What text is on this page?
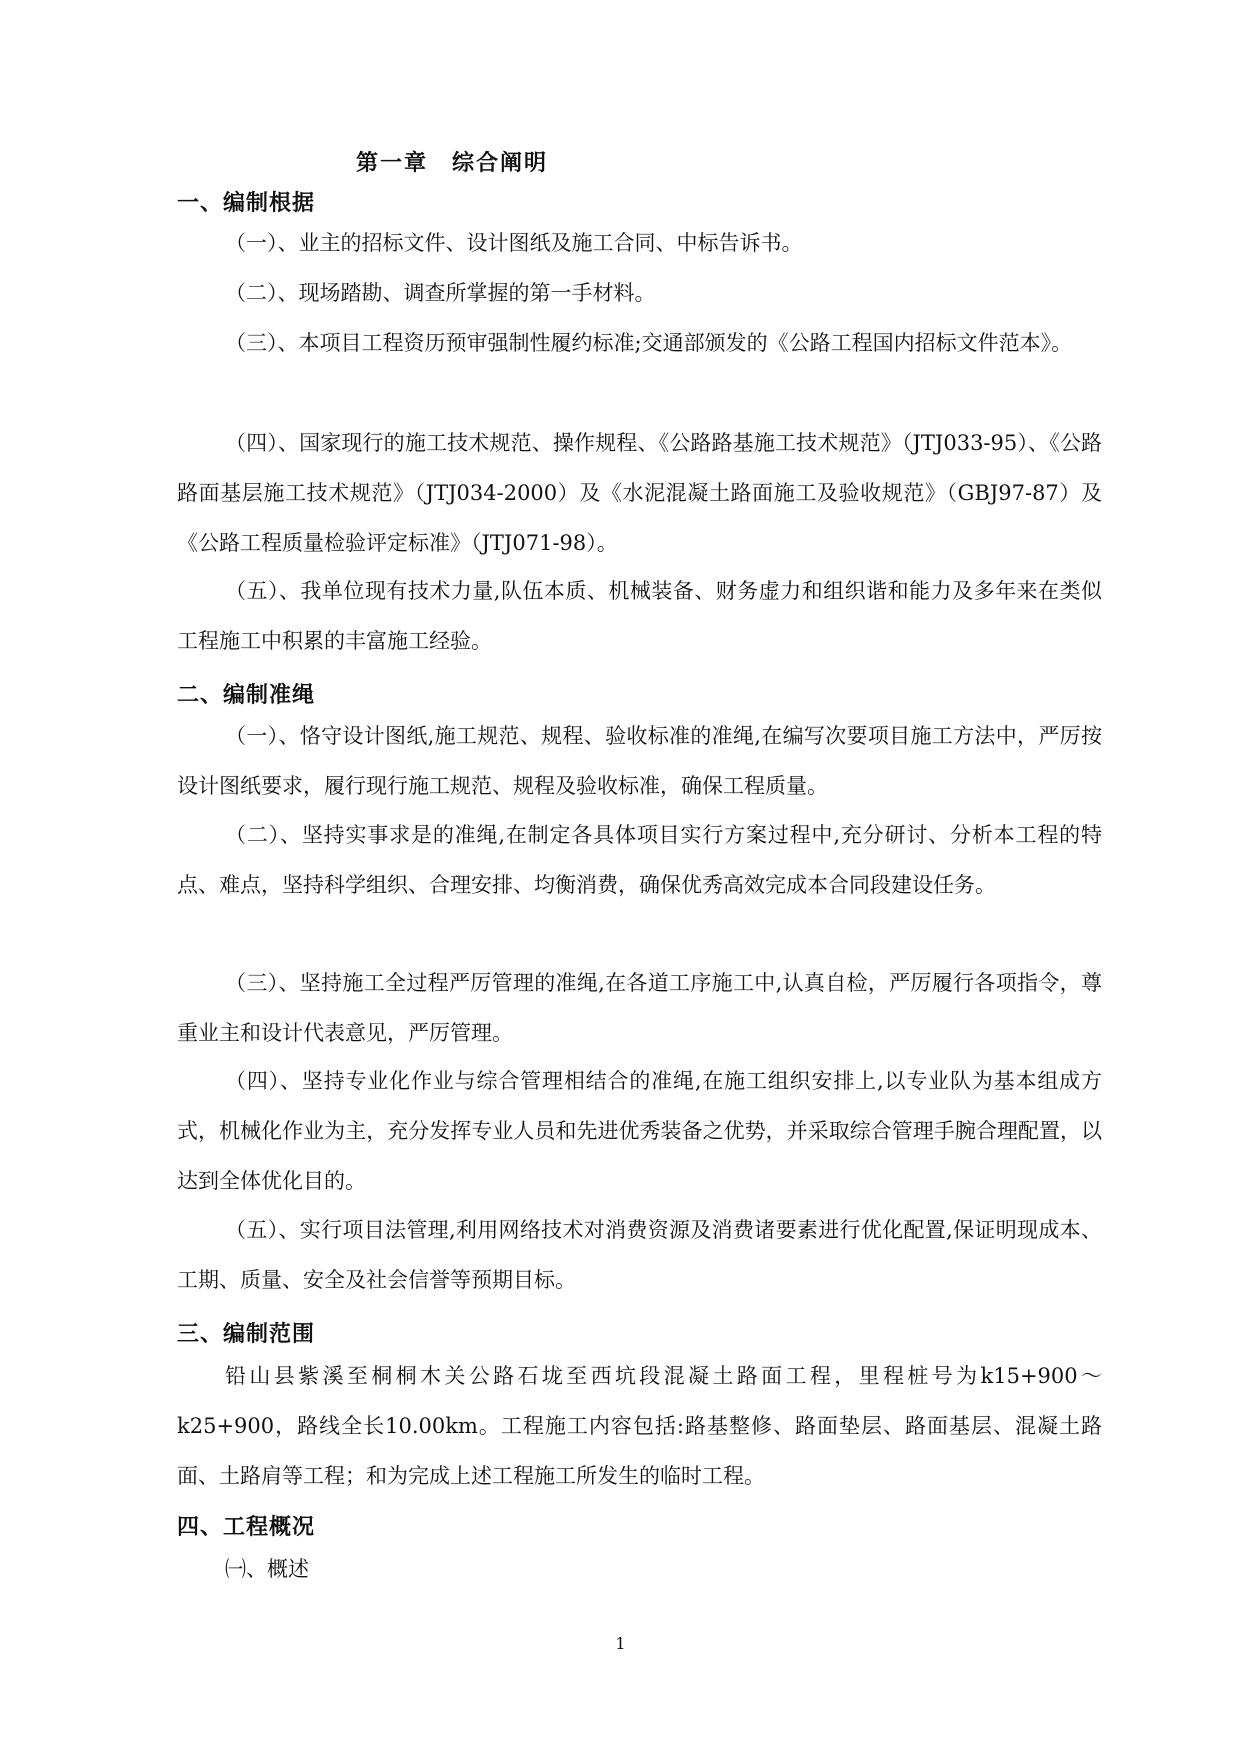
第一章　综合阐明
一、编制根据

（一）、业主的招标文件、设计图纸及施工合同、中标告诉书。

（二）、现场踏勘、调查所掌握的第一手材料。

（三）、本项目工程资历预审强制性履约标准;交通部颁发的《公路工程国内招标文件范本》。

（四）、国家现行的施工技术规范、操作规程、《公路路基施工技术规范》（JTJ033-95）、《公路路面基层施工技术规范》（JTJ034-2000）及《水泥混凝土路面施工及验收规范》（GBJ97-87）及《公路工程质量检验评定标准》（JTJ071-98）。

（五）、我单位现有技术力量,队伍本质、机械装备、财务虚力和组织谐和能力及多年来在类似工程施工中积累的丰富施工经验。

二、编制准绳

（一）、恪守设计图纸,施工规范、规程、验收标准的准绳,在编写次要项目施工方法中，严厉按设计图纸要求，履行现行施工规范、规程及验收标准，确保工程质量。

（二）、坚持实事求是的准绳,在制定各具体项目实行方案过程中,充分研讨、分析本工程的特点、难点，坚持科学组织、合理安排、均衡消费，确保优秀高效完成本合同段建设任务。

（三）、坚持施工全过程严厉管理的准绳,在各道工序施工中,认真自检，严厉履行各项指令，尊重业主和设计代表意见，严厉管理。

（四）、坚持专业化作业与综合管理相结合的准绳,在施工组织安排上,以专业队为基本组成方式，机械化作业为主，充分发挥专业人员和先进优秀装备之优势，并采取综合管理手腕合理配置，以达到全体优化目的。

（五）、实行项目法管理,利用网络技术对消费资源及消费诸要素进行优化配置,保证明现成本、工期、质量、安全及社会信誉等预期目标。

三、编制范围

铅山县紫溪至桐桐木关公路石垅至西坑段混凝土路面工程，里程桩号为k15+900～k25+900，路线全长10.00km。工程施工内容包括:路基整修、路面垫层、路面基层、混凝土路面、土路肩等工程；和为完成上述工程施工所发生的临时工程。

四、工程概况

㈠、概述

1
